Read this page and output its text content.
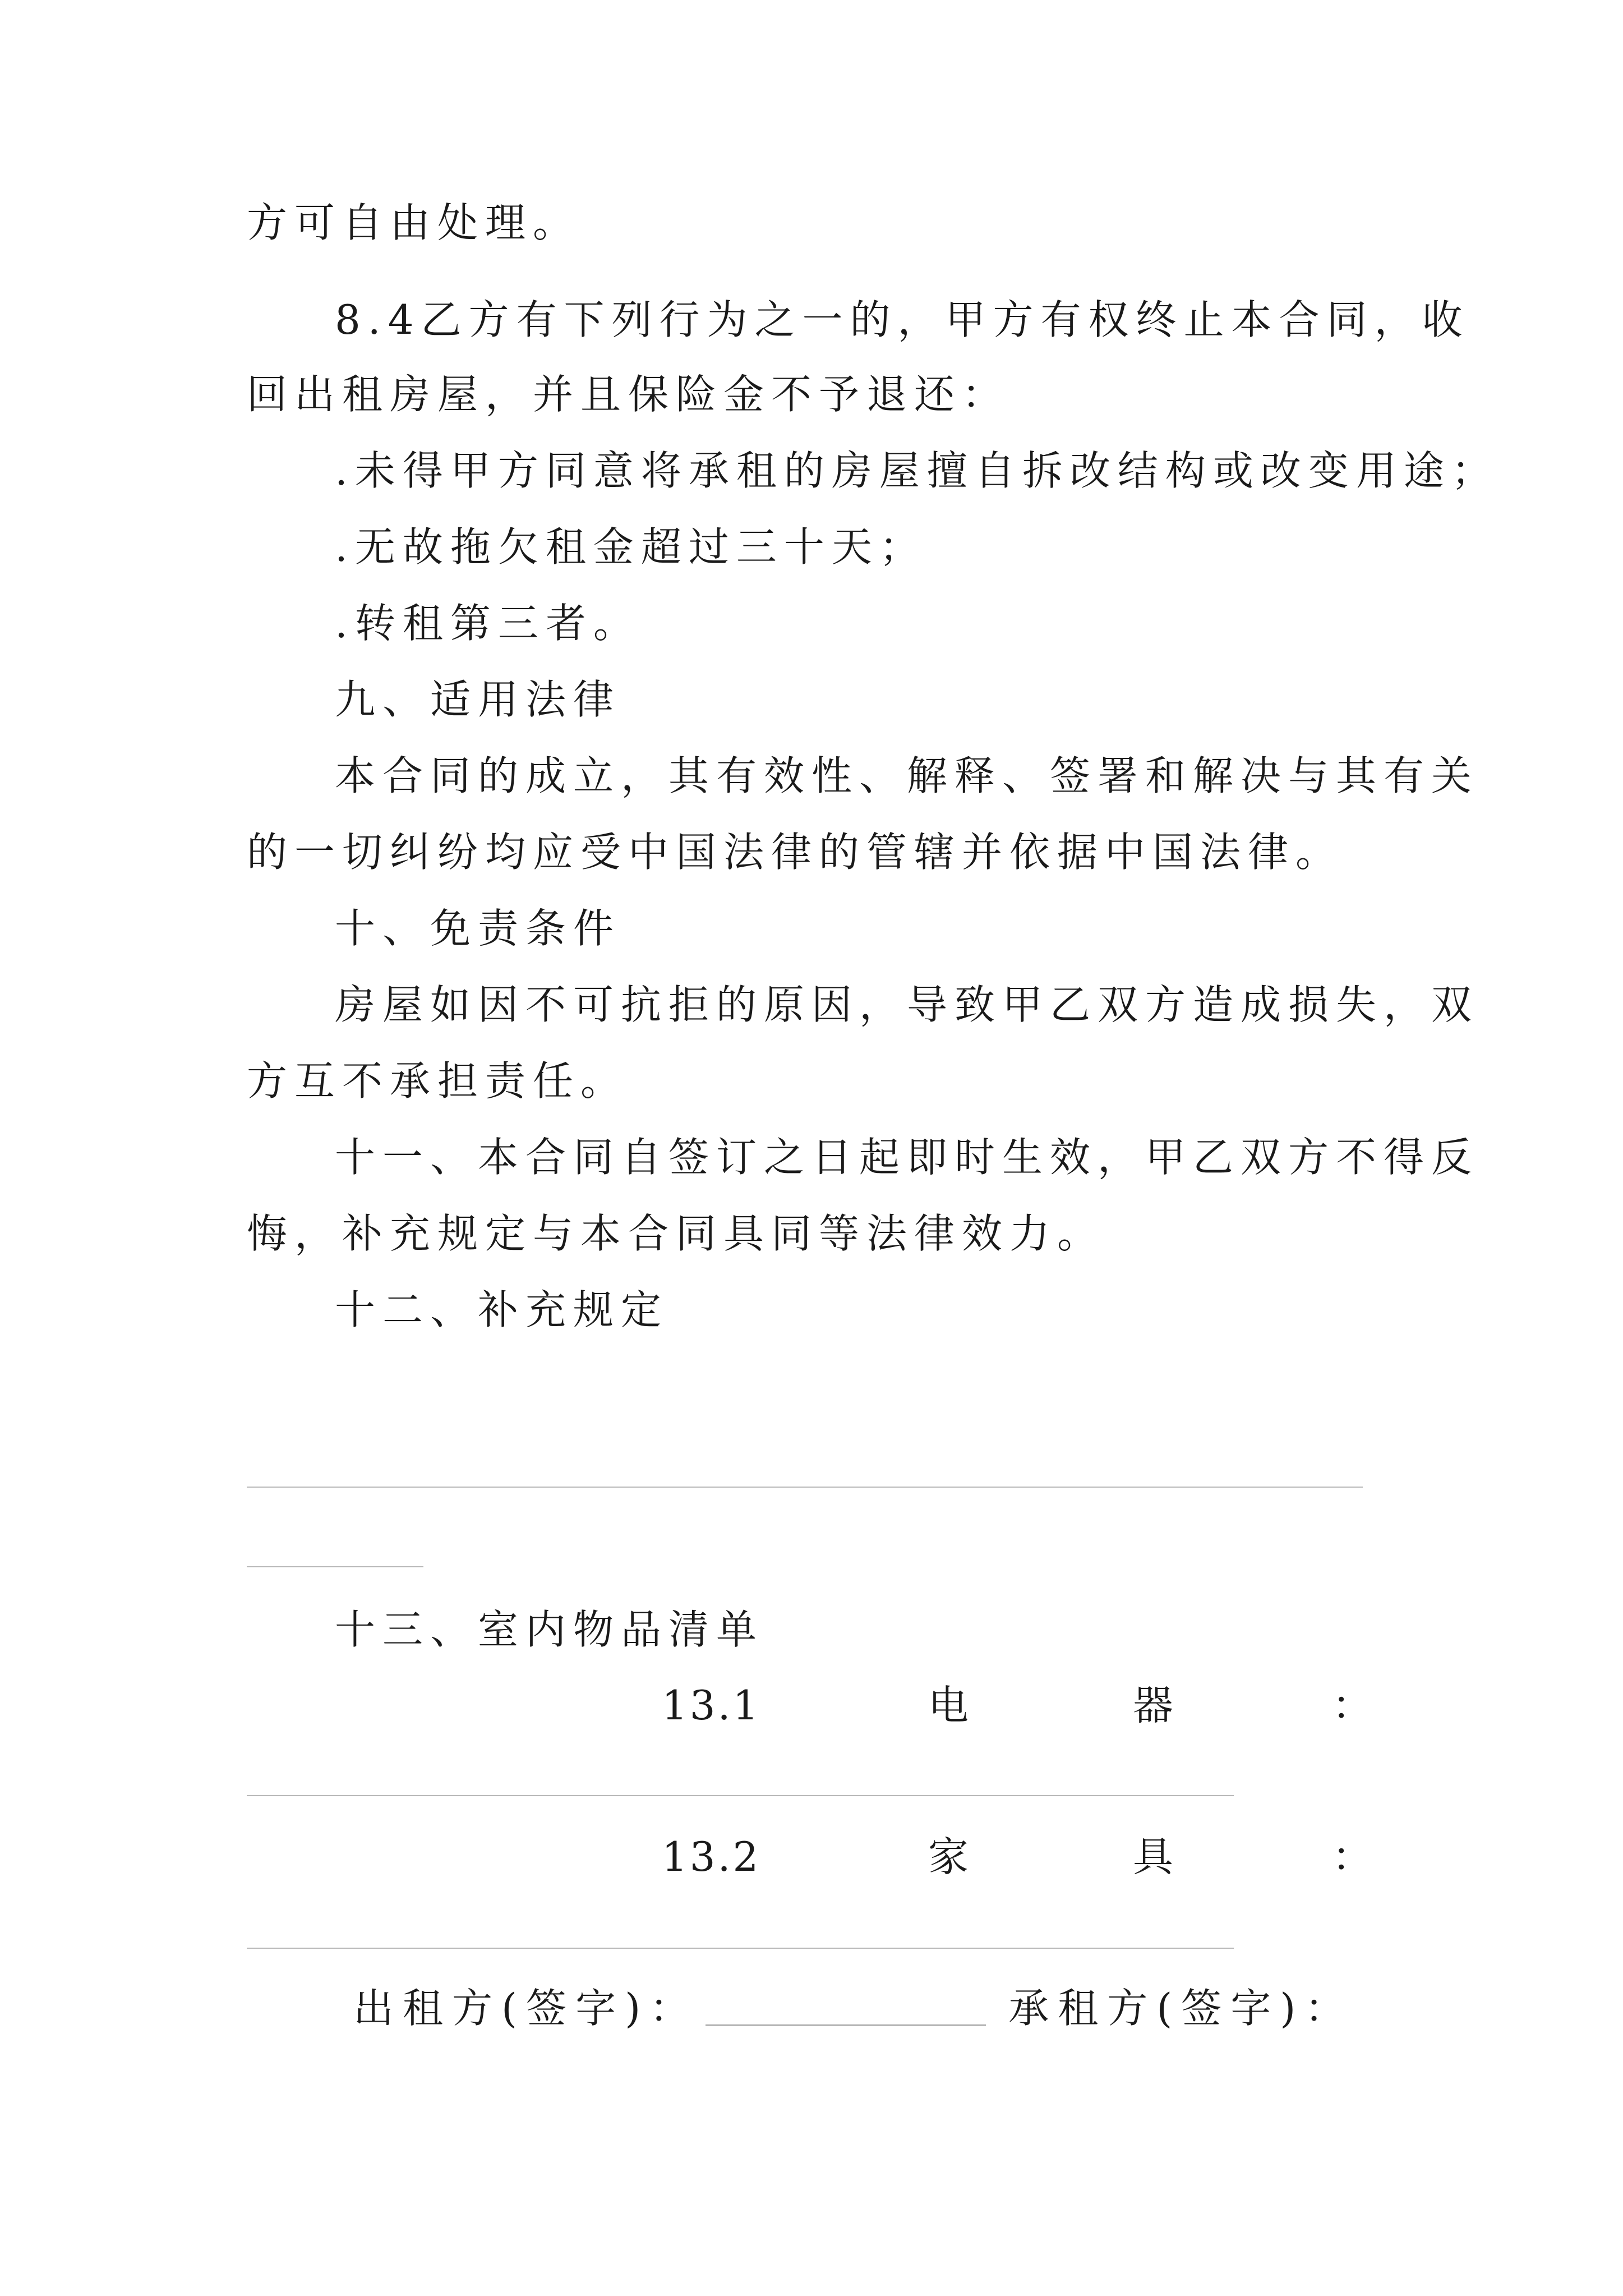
方可自由处理。

8.4乙方有下列行为之一的，甲方有权终止本合同，收

回出租房屋，并且保险金不予退还：

.未得甲方同意将承租的房屋擅自拆改结构或改变用途；

.无故拖欠租金超过三十天；

.转租第三者。

九、适用法律

本合同的成立，其有效性、解释、签署和解决与其有关

的一切纠纷均应受中国法律的管辖并依据中国法律。

十、免责条件

房屋如因不可抗拒的原因，导致甲乙双方造成损失，双

方互不承担责任。

十一、本合同自签订之日起即时生效，甲乙双方不得反

悔，补充规定与本合同具同等法律效力。

十二、补充规定

十三、室内物品清单

13.1	电	器	：

13.2	家	具	：

出租方(签字)：	承租方(签字)：
